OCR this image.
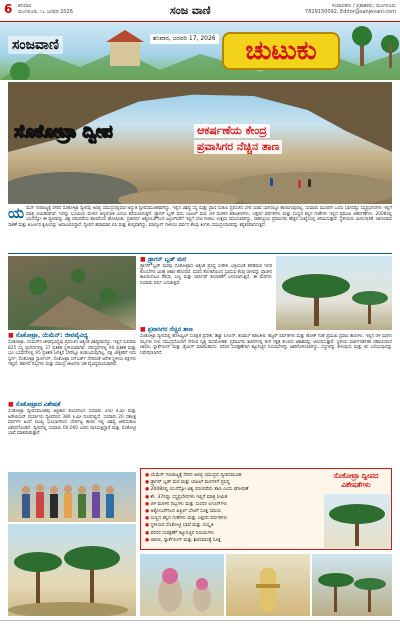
6 ಶನಿವಾರ
ಮಂಗಳೂರು ೧೭ ಜನವರಿ 2026	ಸಂಜ ವಾಣಿ	ಸಂಪಾದಕರು / ಪ್ರಕಾಶಕರು: ಮಂಗಳೂರು
7829150092, Editor@sanjevani.com
ಸಂಜವಾಣಿ	ಶನಿವಾರ, ಜನವರಿ 17, 2026	ಚುಟುಕು
ಸೊಕೋಟ್ರಾ ದ್ವೀಪ	ಆಕರ್ಷಣೆಯ ಕೇಂದ್ರ
ಪ್ರವಾಸಿಗರ ನೆಚ್ಚಿನ ತಾಣ
ಯಮೆನ್ ಗಣರಾಜ್ಯಕ್ಕೆ ಸೇರಿದ ಸೊಕೋಟ್ರಾ ದ್ವೀಪವು ಅರಬ್ಬಿ ಸಮುದ್ರದಲ್ಲಿರುವ ಅದ್ಭುತ ದ್ವೀಪಸಮೂಹವಾಗಿದ್ದು, ಇಲ್ಲಿನ ವಿಶಿಷ್ಟ ಸಸ್ಯ ಮತ್ತು ಪ್ರಾಣಿ ಸಂಕುಲ ಪ್ರಪಂಚದ ಬೇರೆ ಯಾವ ಭಾಗದಲ್ಲೂ ಕಾಣಸಿಗುವುದಿಲ್ಲ. ಸುಮಾರು ಮೂರನೇ ಒಂದು ಭಾಗದಷ್ಟು ಸಸ್ಯಪ್ರಭೇದಗಳು ಇಲ್ಲಿಗೆ ಮಾತ್ರ ಸೀಮಿತವಾಗಿವೆ. ಇದನ್ನು ಭೂಮಿಯ ಮೇಲಿನ ಅನ್ಯಲೋಕ ಎಂದೂ ಕರೆಯಲಾಗುತ್ತದೆ. ಡ್ರ್ಯಾಗನ್ ಬ್ಲಡ್ ಮರ, ಬಾಟಲ್ ಮರ, ಬಿಳಿ ಮರಳಿನ ಕಡಲತೀರಗಳು, ಎತ್ತರದ ಪರ್ವತಗಳು ಮತ್ತು ಸುಣ್ಣದ ಕಲ್ಲಿನ ಗುಹೆಗಳು ಇಲ್ಲಿನ ಪ್ರಮುಖ ಆಕರ್ಷಣೆಗಳು. 2008ರಲ್ಲಿ ಯುನೆಸ್ಕೋ ಈ ದ್ವೀಪವನ್ನು ವಿಶ್ವ ಪರಂಪರೆಯ ತಾಣವೆಂದು ಘೋಷಿಸಿತು. ಪ್ರತಿವರ್ಷ ಅಕ್ಟೋಬರ್‌ನಿಂದ ಏಪ್ರಿಲ್‌ವರೆಗೆ ಇಲ್ಲಿಗೆ ಭೇಟಿ ನೀಡಲು ಉತ್ತಮ ಸಮಯವಾಗಿದ್ದು, ಸಾಹಸಪ್ರಿಯ ಪ್ರವಾಸಿಗರು ಹೆಚ್ಚಿನ ಸಂಖ್ಯೆಯಲ್ಲಿ ಆಗಮಿಸುತ್ತಾರೆ. ಸ್ಥಳೀಯರು ಮೀನುಗಾರಿಕೆ, ಜಾನುವಾರು ಸಾಕಣೆ ಮತ್ತು ಖರ್ಜೂರ ಕೃಷಿಯನ್ನು ಅವಲಂಬಿಸಿದ್ದಾರೆ. ದ್ವೀಪದ ಹವಾಮಾನ ಬಿಸಿ ಮತ್ತು ಶುಷ್ಕವಾಗಿದ್ದು, ಮಾನ್ಸೂನ್ ಗಾಳಿಯು ವರ್ಷದ ಕೆಲವು ತಿಂಗಳು ಸಮುದ್ರಯಾನವನ್ನು ಕಷ್ಟಕರವಾಗಿಸುತ್ತದೆ.
■ ಸೊಕೋಟ್ರಾ, ಯೆಮೆನ್: ಜೀವವೈವಿಧ್ಯ
ಸೊಕೋಟ್ರಾ, ಯೆಮೆನ್‌ನ ಜೀವವೈವಿಧ್ಯವು ಪ್ರಪಂಚದ ಅತ್ಯಂತ ವಿಶಿಷ್ಟವಾದದ್ದು. ಇಲ್ಲಿನ ಸುಮಾರು 825 ಸಸ್ಯ ಪ್ರಭೇದಗಳಲ್ಲಿ 37 ಪ್ರತಿಶತ ಸ್ಥಳೀಯವಾಗಿವೆ. ಸರೀಸೃಪಗಳಲ್ಲಿ 90 ಪ್ರತಿಶತ ಮತ್ತು ಭೂ ಬಸವನಗಳಲ್ಲಿ 95 ಪ್ರತಿಶತ ಜಗತ್ತಿನ ಬೇರೆಲ್ಲೂ ಕಂಡುಬರುವುದಿಲ್ಲ. ಪಕ್ಷಿ ವೀಕ್ಷಕರಿಗೆ ಇದು ಸ್ವರ್ಗ; ಸೊಕೋಟ್ರಾ ಸ್ಟಾರ್ಲಿಂಗ್, ಸೊಕೋಟ್ರಾ ಸನ್‌ಬರ್ಡ್ ಸೇರಿದಂತೆ ಅನೇಕ ಸ್ಥಳೀಯ ಪಕ್ಷಿಗಳು ಇಲ್ಲಿವೆ. ಹವಳದ ದಿಬ್ಬಗಳು ಮತ್ತು ಸಮುದ್ರ ಜೀವಿಗಳು ಸಹ ವೈವಿಧ್ಯಮಯವಾಗಿವೆ.
■ ಸೊಕೋಟ್ರಾದ ವಿಶೇಷತೆ
ಸೊಕೋಟ್ರಾ ದ್ವೀಪಸಮೂಹವು ಆಫ್ರಿಕಾದ ಕೊಂಬಿನಿಂದ ಸುಮಾರು 240 ಕಿ.ಮೀ ಮತ್ತು ಅರೇಬಿಯನ್ ಪರ್ಯಾಯ ದ್ವೀಪದಿಂದ 380 ಕಿ.ಮೀ ದೂರದಲ್ಲಿದೆ. ಸುಮಾರು 20 ದಶಲಕ್ಷ ವರ್ಷಗಳ ಹಿಂದೆ ಮುಖ್ಯ ಭೂಭಾಗದಿಂದ ಬೇರ್ಪಟ್ಟ ಕಾರಣ ಇಲ್ಲಿ ವಿಶಿಷ್ಟ ಜೀವಸಂಕುಲ ವಿಕಸನಗೊಂಡಿದೆ. ದ್ವೀಪದಲ್ಲಿ ಸುಮಾರು 60,000 ಜನರು ವಾಸಿಸುತ್ತಿದ್ದಾರೆ ಮತ್ತು ಸೊಕೋಟ್ರಿ ಭಾಷೆ ಮಾತನಾಡುತ್ತಾರೆ.
■ ಡ್ರ್ಯಾಗನ್ ಬ್ಲಡ್ ಮರ
ಡ್ರ್ಯಾಗನ್ ಬ್ಲಡ್ ಮರವು ಸೊಕೋಟ್ರಾದ ಅತ್ಯಂತ ಪ್ರಸಿದ್ಧ ಸಂಕೇತ. ಛತ್ರಿಯಂತೆ ಹರಡಿರುವ ಇದರ ಕೊಂಬೆಗಳು ವಿಚಿತ್ರ ಆಕಾರ ಹೊಂದಿವೆ. ಮರದ ತೊಗಟೆಯಿಂದ ಸ್ರವಿಸುವ ಕೆಂಪು ರಾಳವನ್ನು ಪ್ರಾಚೀನ ಕಾಲದಿಂದಲೂ ಔಷಧಿ, ಬಣ್ಣ ಮತ್ತು ವಾರ್ನಿಷ್ ತಯಾರಿಕೆಗೆ ಬಳಸಲಾಗುತ್ತಿದೆ. ಈ ಮರಗಳು ನೂರಾರು ವರ್ಷ ಬದುಕುತ್ತವೆ.
■ ಪ್ರವಾಸಿಗರ ನೆಚ್ಚಿನ ತಾಣ
ಸೊಕೋಟ್ರಾ ದ್ವೀಪದಲ್ಲಿ ಹೋಮ್ಹಿಲ್ ಸಂರಕ್ಷಿತ ಪ್ರದೇಶ, ಡಿಟ್ವಾ ಲಗೂನ್, ಶುವಾಬ್ ಕಡಲತೀರ, ಹಜ್ಜರ್ ಪರ್ವತಗಳು ಮತ್ತು ಹೋಕ್ ಗುಹೆ ಪ್ರಮುಖ ಪ್ರವಾಸಿ ತಾಣಗಳು. ಇಲ್ಲಿನ ಬಿಳಿ ಮರಳು ದಿಬ್ಬಗಳು ನೀಲಿ ಸಮುದ್ರದೊಂದಿಗೆ ಸೇರುವ ದೃಶ್ಯ ಮನಮೋಹಕ. ಪ್ರವಾಸಿಗರು ಶಿಬಿರಗಳಲ್ಲಿ ತಂಗಿ ನಕ್ಷತ್ರ ತುಂಬಿದ ಆಕಾಶವನ್ನು ಆನಂದಿಸುತ್ತಾರೆ. ಸ್ಥಳೀಯ ಮಾರ್ಗದರ್ಶಕರ ಸಹಾಯದಿಂದ ಚಾರಣ, ಸ್ನಾರ್ಕೆಲಿಂಗ್ ಮತ್ತು ಡೈವಿಂಗ್ ಮಾಡಬಹುದು. ಪರಿಸರ ಸಂರಕ್ಷಣೆಗಾಗಿ ಕಟ್ಟುನಿಟ್ಟಿನ ನಿಯಮಗಳನ್ನು ಜಾರಿಗೊಳಿಸಲಾಗಿದ್ದು, ಸಸ್ಯಗಳನ್ನು ಕೀಳುವುದು ಮತ್ತು ಕಸ ಎಸೆಯುವುದನ್ನು ನಿಷೇಧಿಸಲಾಗಿದೆ.
● ಯೆಮೆನ್ ಗಣರಾಜ್ಯಕ್ಕೆ ಸೇರಿದ ಅರಬ್ಬಿ ಸಮುದ್ರದ ದ್ವೀಪಸಮೂಹ
● ಡ್ರ್ಯಾಗನ್ ಬ್ಲಡ್ ಮರ ಮತ್ತು ಬಾಟಲ್ ಮರಗಳಿಗೆ ಪ್ರಸಿದ್ಧ
● 2008ರಲ್ಲಿ ಯುನೆಸ್ಕೋ ವಿಶ್ವ ಪರಂಪರೆಯ ತಾಣ ಎಂದು ಘೋಷಣೆ
● ಶೇ. 37ರಷ್ಟು ಸಸ್ಯಪ್ರಭೇದಗಳು ಇಲ್ಲಿಗೆ ಮಾತ್ರ ಸೀಮಿತ
● ಬಿಳಿ ಮರಳಿನ ದಿಬ್ಬಗಳು ಮತ್ತು ಸುಂದರ ಲಗೂನ್‌ಗಳು
● ಅಕ್ಟೋಬರ್‌ನಿಂದ ಏಪ್ರಿಲ್ ಭೇಟಿಗೆ ಸೂಕ್ತ ಸಮಯ
● ಸುಣ್ಣದ ಕಲ್ಲಿನ ಗುಹೆಗಳು ಮತ್ತು ಎತ್ತರದ ಪರ್ವತಗಳು
● ಸ್ಥಳೀಯರ ಸೊಕೋಟ್ರಿ ಭಾಷೆ ಮತ್ತು ಸಂಸ್ಕೃತಿ
● ಪರಿಸರ ಸಂರಕ್ಷಣೆಗೆ ಕಟ್ಟುನಿಟ್ಟಿನ ನಿಯಮಗಳು
● ಚಾರಣ, ಸ್ನಾರ್ಕೆಲಿಂಗ್ ಮತ್ತು ಶಿಬಿರವಾಸಕ್ಕೆ ಸೂಕ್ತ
ಸೊಕೋಟ್ರಾ ದ್ವೀಪದ ವಿಶೇಷತೆಗಳು
